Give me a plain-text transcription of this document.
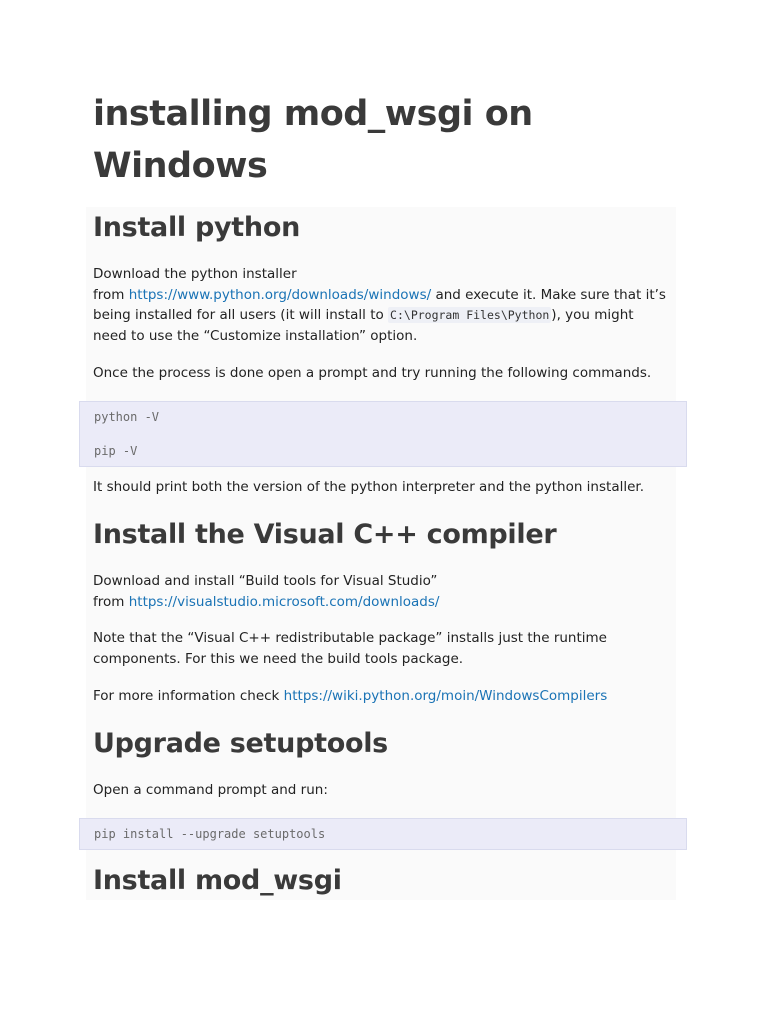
installing mod_wsgi on Windows
Install python

Download the python installer
from https://www.python.org/downloads/windows/ and execute it. Make sure that it’s being installed for all users (it will install to C:\Program Files\Python ), you might need to use the “Customize installation” option.

Once the process is done open a prompt and try running the following commands.

python -V
pip -V

It should print both the version of the python interpreter and the python installer.

Install the Visual C++ compiler

Download and install “Build tools for Visual Studio”
from https://visualstudio.microsoft.com/downloads/

Note that the “Visual C++ redistributable package” installs just the runtime components. For this we need the build tools package.

For more information check https://wiki.python.org/moin/WindowsCompilers

Upgrade setuptools

Open a command prompt and run:

pip install --upgrade setuptools
Install mod_wsgi
